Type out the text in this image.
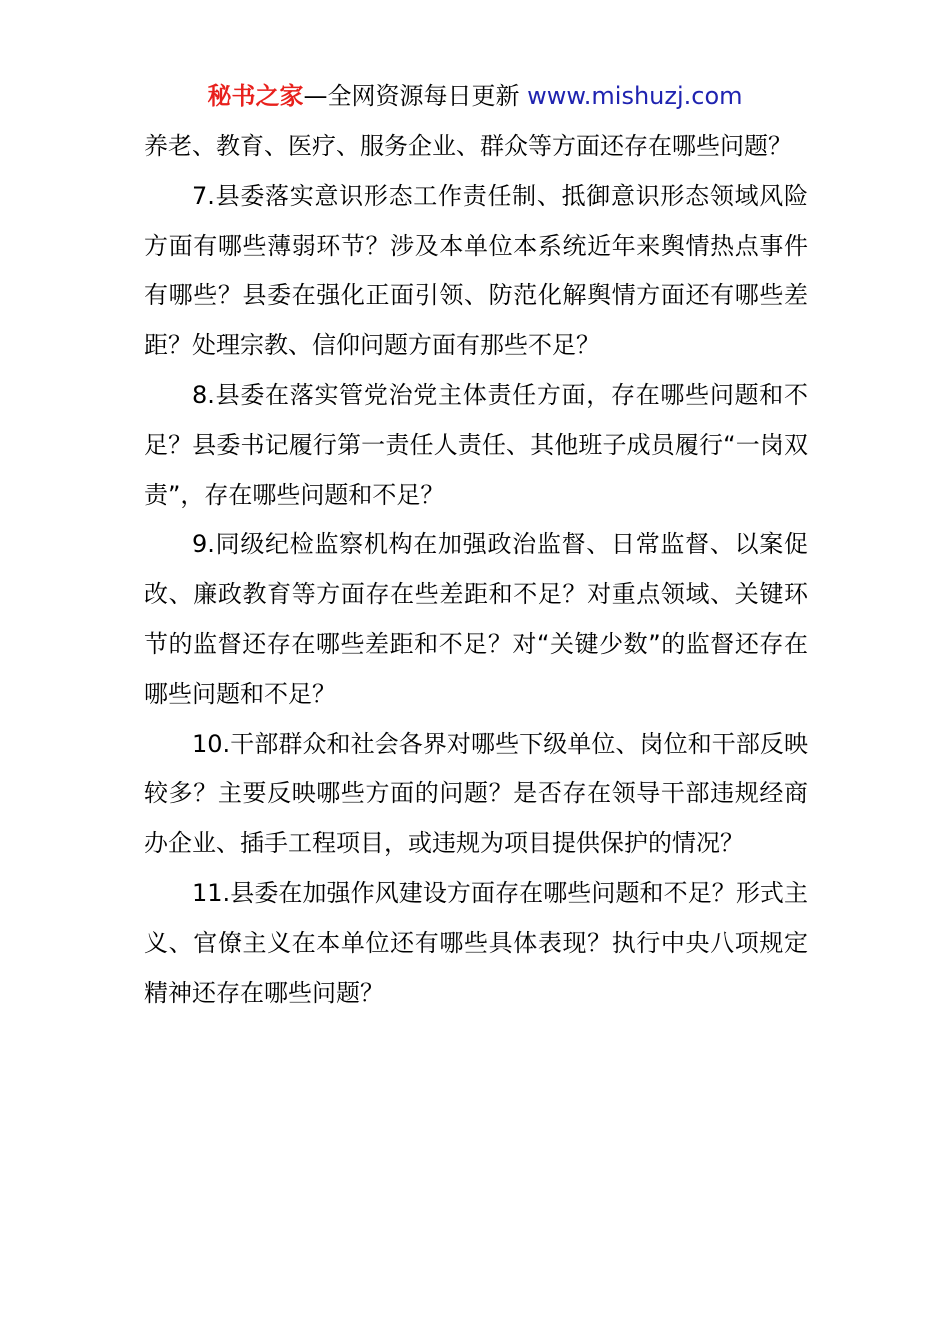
秘书之家—全网资源每日更新 www.mishuzj.com

养老、教育、医疗、服务企业、群众等方面还存在哪些问题？

7.县委落实意识形态工作责任制、抵御意识形态领域风险方面有哪些薄弱环节？涉及本单位本系统近年来舆情热点事件有哪些？县委在强化正面引领、防范化解舆情方面还有哪些差距？处理宗教、信仰问题方面有那些不足？

8.县委在落实管党治党主体责任方面，存在哪些问题和不足？县委书记履行第一责任人责任、其他班子成员履行“一岗双责”，存在哪些问题和不足？

9.同级纪检监察机构在加强政治监督、日常监督、以案促改、廉政教育等方面存在些差距和不足？对重点领域、关键环节的监督还存在哪些差距和不足？对“关键少数”的监督还存在哪些问题和不足？

10.干部群众和社会各界对哪些下级单位、岗位和干部反映较多？主要反映哪些方面的问题？是否存在领导干部违规经商办企业、插手工程项目，或违规为项目提供保护的情况？

11.县委在加强作风建设方面存在哪些问题和不足？形式主义、官僚主义在本单位还有哪些具体表现？执行中央八项规定精神还存在哪些问题？
